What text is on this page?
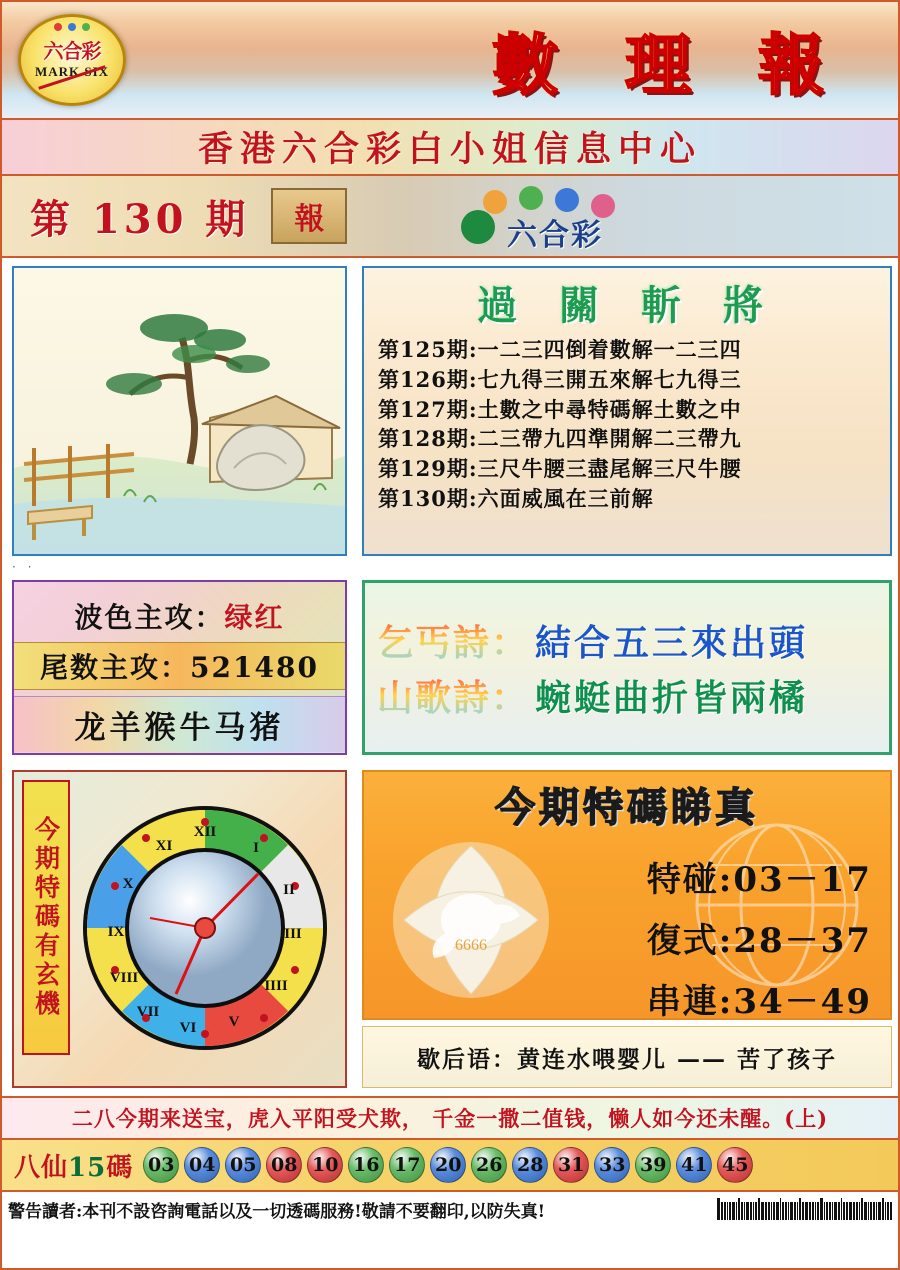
六合彩
MARK SIX	數 理 報
香港六合彩白小姐信息中心
第 130 期	報	六合彩
· ·
過 關 斬 將
第125期:一二三四倒着數解一二三四
第126期:七九得三開五來解七九得三
第127期:土數之中尋特碼解土數之中
第128期:二三帶九四準開解二三帶九
第129期:三尺牛腰三盡尾解三尺牛腰
第130期:六面威風在三前解
波色主攻：绿红
尾数主攻：521480
龙羊猴牛马猪
乞丐詩： 結合五三來出頭
山歌詩： 蜿蜓曲折皆兩橘
今期特碼有玄機	XII
I
II
III
IIII
V
VI
VII
VIII
IX
X
XI
今期特碼睇真
6666
特碰:03－17
復式:28－37
串連:34－49
歇后语：黄连水喂婴儿 —— 苦了孩子
二八今期来送宝，虎入平阳受犬欺， 千金一撒二值钱，懒人如今还未醒。(上)
八仙15碼 03 04 05 08 10 16 17 20 26 28 31 33 39 41 45
警告讀者:本刊不設咨詢電話以及一切透碼服務!敬請不要翻印,以防失真!
